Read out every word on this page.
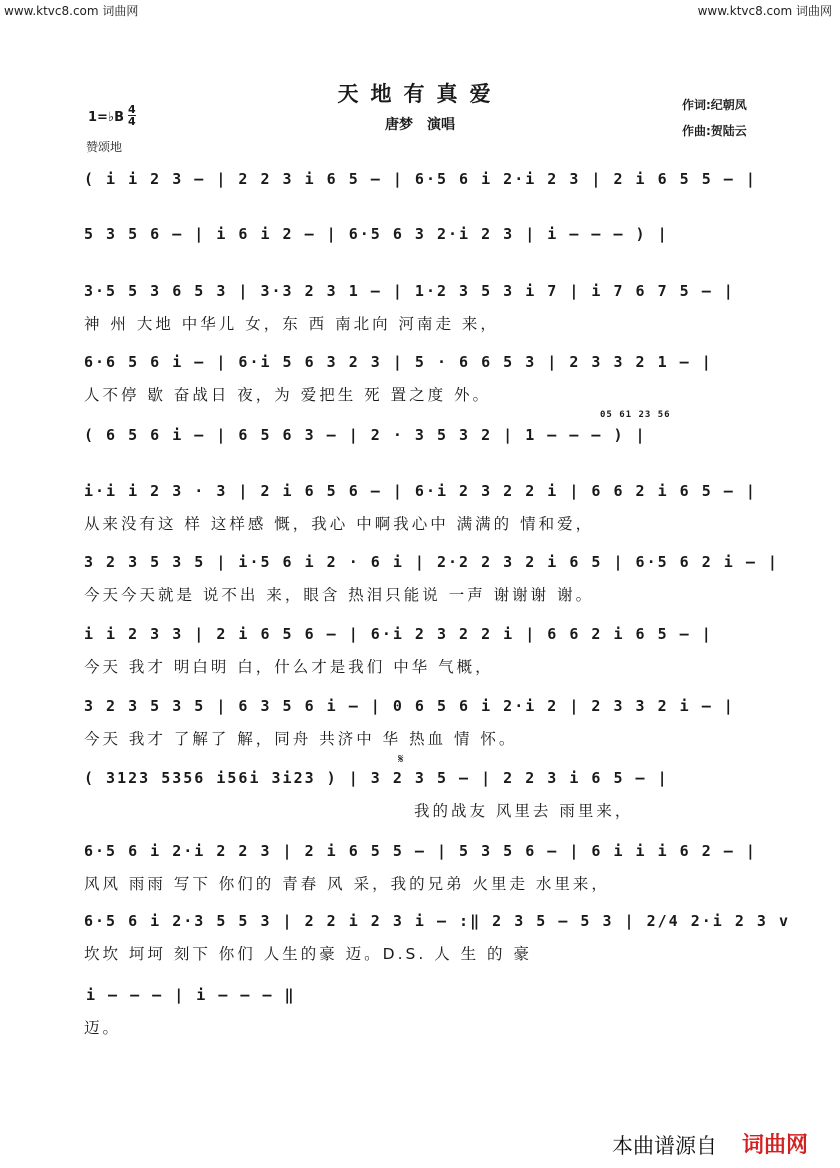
www.ktvc8.com 词曲网	www.ktvc8.com 词曲网
天地有真爱
唐梦　演唱
作词:纪朝凤
作曲:贺陆云
1=♭B $\frac{4}{4}$
赞颂地
( i i 2 3 — | 2 2 3 i 6 5 — | 6·5 6 i 2·i 2 3 | 2 i 6 5 5 — |
5 3 5 6 — | i 6 i 2 — | 6·5 6 3 2·i 2 3 | i — — — ) |
3·5 5 3 6 5 3 | 3·3 2 3 1 — | 1·2 3 5 3 i 7 | i 7 6 7 5 — |
神 州 大地 中华儿 女，东 西 南北向 河南走 来，
6·6 5 6 i — | 6·i 5 6 3 2 3 | 5 · 6 6 5 3 | 2 3 3 2 1 — |
人不停 歇 奋战日 夜，为 爱把生 死 置之度 外。
05 61 23 56
( 6 5 6 i — | 6 5 6 3 — | 2 · 3 5 3 2 | 1 — — — ) |
i·i i 2 3 · 3 | 2 i 6 5 6 — | 6·i 2 3 2 2 i | 6 6 2 i 6 5 — |
从来没有这 样 这样感 慨，我心 中啊我心中 满满的 情和爱，
3 2 3 5 3 5 | i·5 6 i 2 · 6 i | 2·2 2 3 2 i 6 5 | 6·5 6 2 i — |
今天今天就是 说不出 来，眼含 热泪只能说 一声 谢谢谢 谢。
i i 2 3 3 | 2 i 6 5 6 — | 6·i 2 3 2 2 i | 6 6 2 i 6 5 — |
今天 我才 明白明 白，什么才是我们 中华 气概，
3 2 3 5 3 5 | 6 3 5 6 i — | 0 6 5 6 i 2·i 2 | 2 3 3 2 i — |
今天 我才 了解了 解，同舟 共济中 华 热血 情 怀。
𝄋
( 3123 5356 i56i 3i23 ) | 3 2 3 5 — | 2 2 3 i 6 5 — |
我的战友 风里去 雨里来，
6·5 6 i 2·i 2 2 3 | 2 i 6 5 5 — | 5 3 5 6 — | 6 i i i 6 2 — |
风风 雨雨 写下 你们的 青春 风 采，我的兄弟 火里走 水里来，
6·5 6 i 2·3 5 5 3 | 2 2 i 2 3 i — :‖ 2 3 5 — 5 3 | 2/4 2·i 2 3 v
坎坎 坷坷 刻下 你们 人生的豪 迈。D.S. 人 生 的 豪
i — — — | i — — — ‖
迈。
本曲谱源自 词曲网
